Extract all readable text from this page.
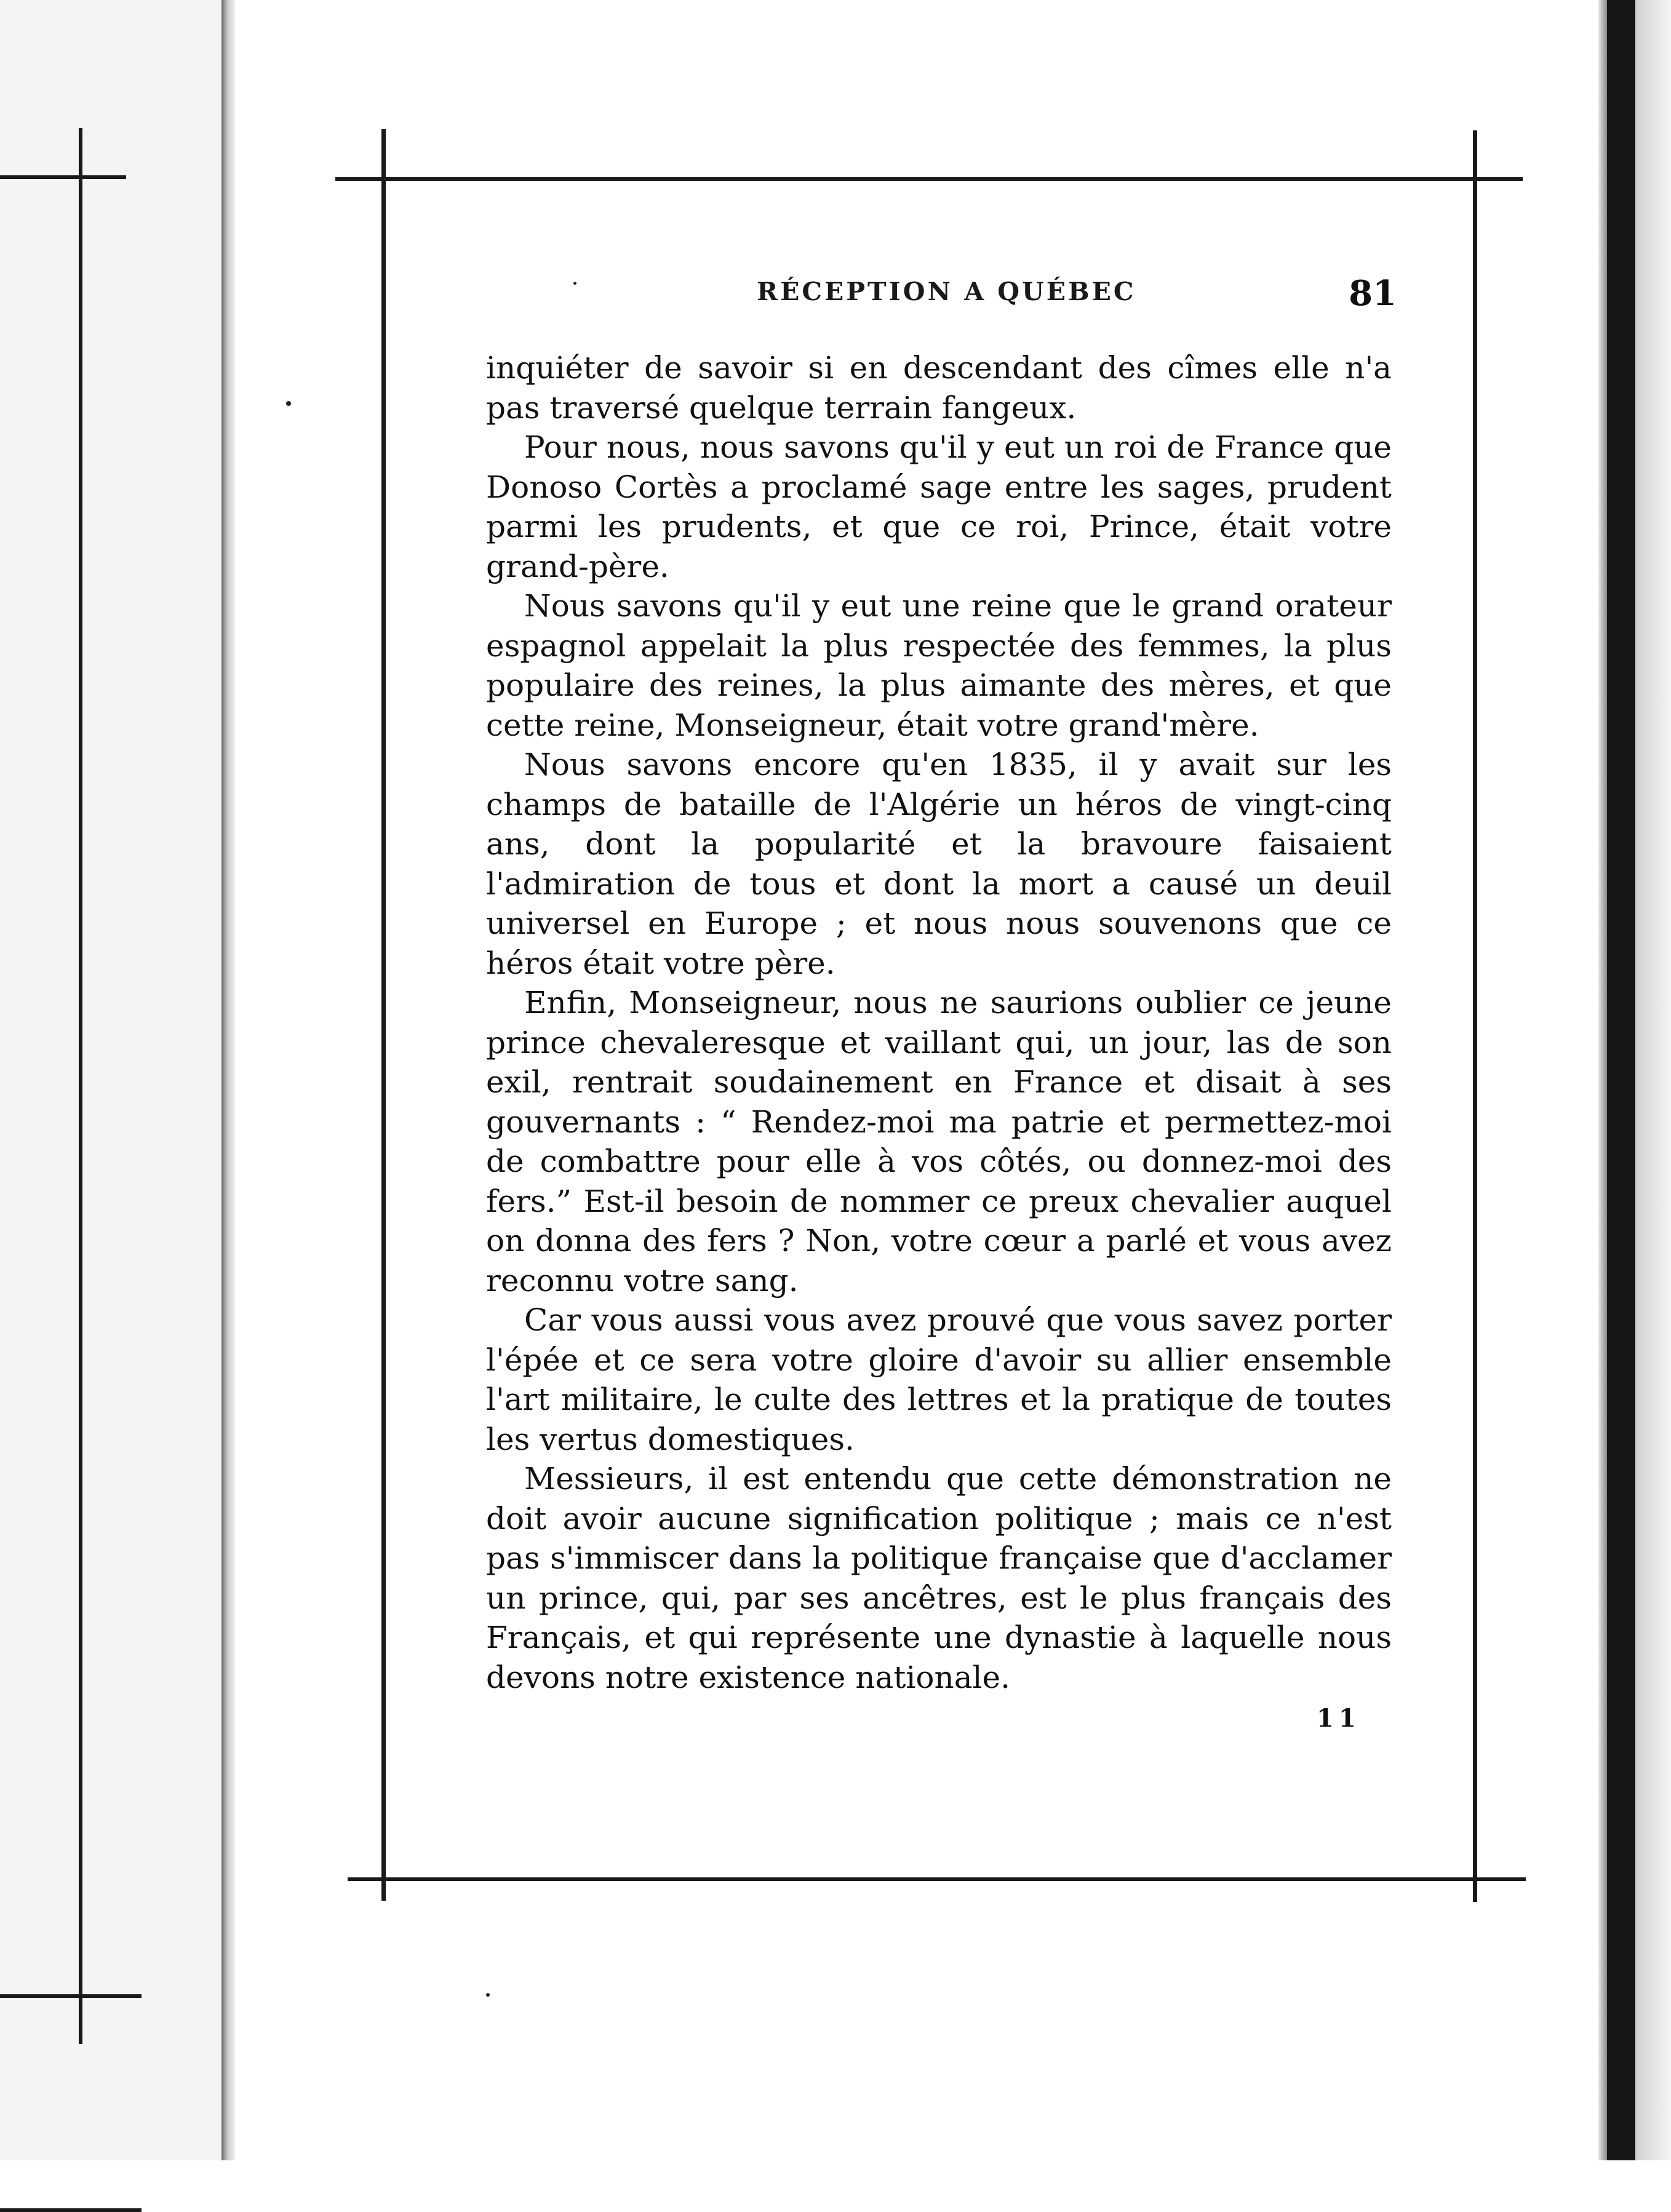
RÉCEPTION A QUÉBEC	81

inquiéter de savoir si en descendant des cîmes elle n'a pas traversé quelque terrain fangeux.

Pour nous, nous savons qu'il y eut un roi de France que Donoso Cortès a proclamé sage entre les sages, prudent parmi les prudents, et que ce roi, Prince, était votre grand-père.

Nous savons qu'il y eut une reine que le grand orateur espagnol appelait la plus respectée des femmes, la plus populaire des reines, la plus aimante des mères, et que cette reine, Monseigneur, était votre grand'mère.

Nous savons encore qu'en 1835, il y avait sur les champs de bataille de l'Algérie un héros de vingt-cinq ans, dont la popularité et la bravoure faisaient l'admiration de tous et dont la mort a causé un deuil universel en Europe ; et nous nous souvenons que ce héros était votre père.

Enfin, Monseigneur, nous ne saurions oublier ce jeune prince chevaleresque et vaillant qui, un jour, las de son exil, rentrait soudainement en France et disait à ses gouvernants : “ Rendez-moi ma patrie et permettez-moi de combattre pour elle à vos côtés, ou donnez-moi des fers.” Est-il besoin de nommer ce preux chevalier auquel on donna des fers ? Non, votre cœur a parlé et vous avez reconnu votre sang.

Car vous aussi vous avez prouvé que vous savez porter l'épée et ce sera votre gloire d'avoir su allier ensemble l'art militaire, le culte des lettres et la pratique de toutes les vertus domestiques.

Messieurs, il est entendu que cette démonstration ne doit avoir aucune signification politique ; mais ce n'est pas s'immiscer dans la politique française que d'acclamer un prince, qui, par ses ancêtres, est le plus français des Français, et qui représente une dynastie à laquelle nous devons notre existence nationale.

11
